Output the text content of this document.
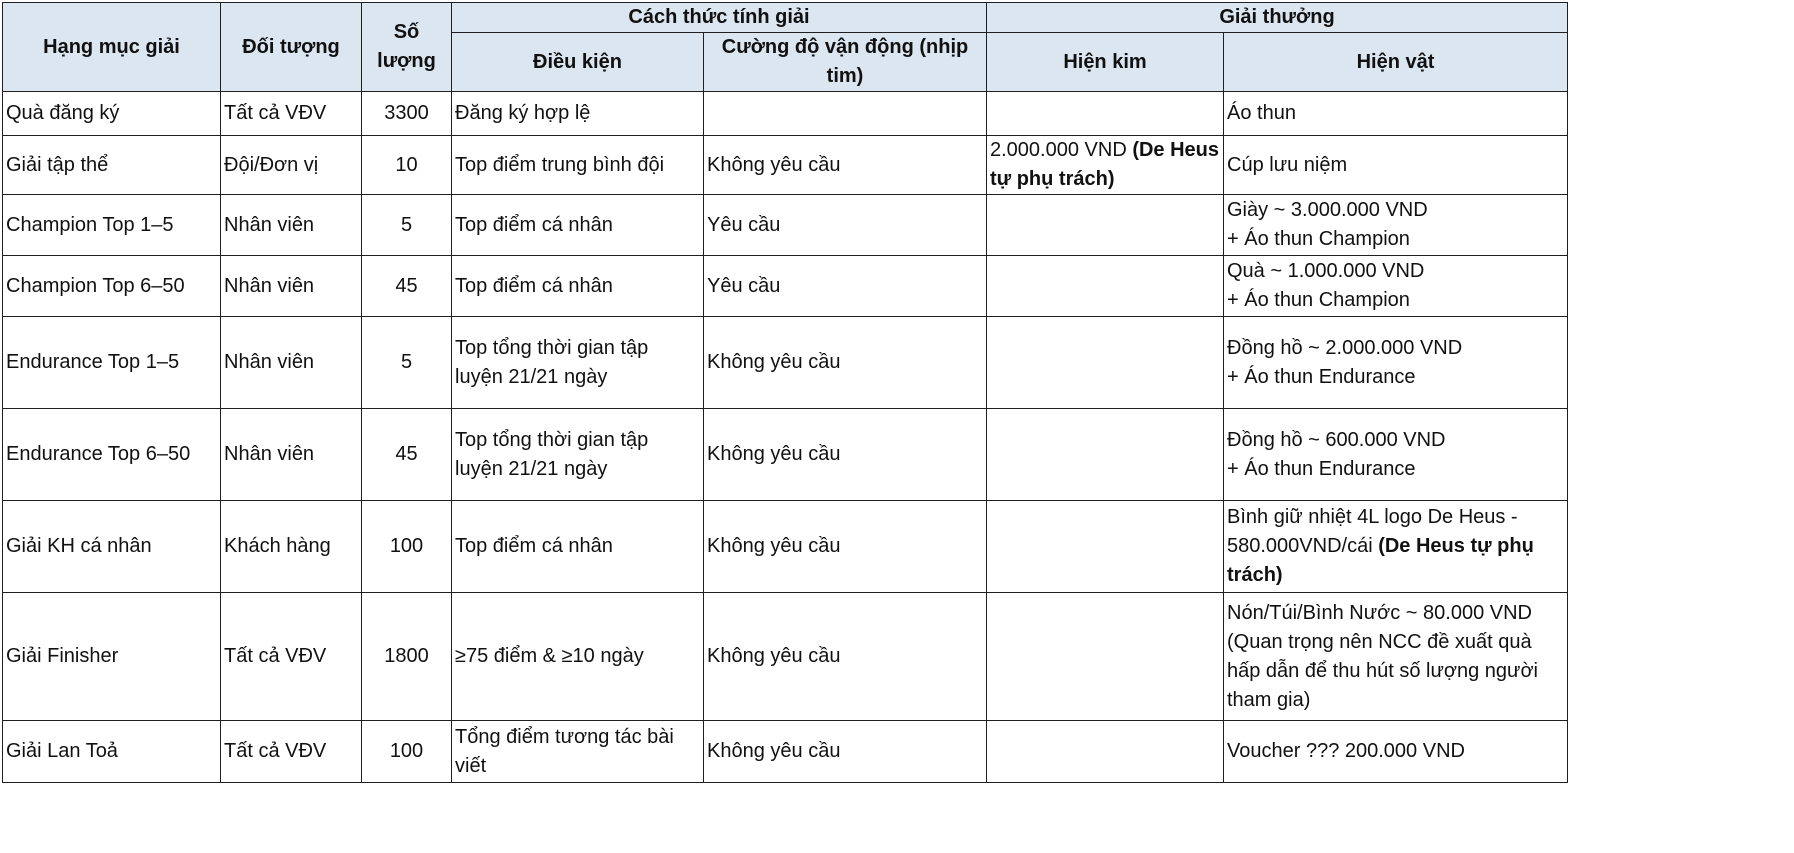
Hạng mục giải	Đối tượng	Số lượng	Cách thức tính giải		Giải thưởng	
			Điều kiện	Cường độ vận động (nhịp tim)	Hiện kim	Hiện vật
Quà đăng ký	Tất cả VĐV	3300	Đăng ký hợp lệ			Áo thun
Giải tập thể	Đội/Đơn vị	10	Top điểm trung bình đội	Không yêu cầu	2.000.000 VND (De Heus tự phụ trách)	Cúp lưu niệm
Champion Top 1–5	Nhân viên	5	Top điểm cá nhân	Yêu cầu		Giày ~ 3.000.000 VND
+ Áo thun Champion
Champion Top 6–50	Nhân viên	45	Top điểm cá nhân	Yêu cầu		Quà ~ 1.000.000 VND
+ Áo thun Champion
Endurance Top 1–5	Nhân viên	5	Top tổng thời gian tập luyện 21/21 ngày	Không yêu cầu		Đồng hồ ~ 2.000.000 VND
+ Áo thun Endurance
Endurance Top 6–50	Nhân viên	45	Top tổng thời gian tập luyện 21/21 ngày	Không yêu cầu		Đồng hồ ~ 600.000 VND
+ Áo thun Endurance
Giải KH cá nhân	Khách hàng	100	Top điểm cá nhân	Không yêu cầu		Bình giữ nhiệt 4L logo De Heus - 580.000VND/cái (De Heus tự phụ trách)
Giải Finisher	Tất cả VĐV	1800	≥75 điểm & ≥10 ngày	Không yêu cầu		Nón/Túi/Bình Nước ~ 80.000 VND
(Quan trọng nên NCC đề xuất quà hấp dẫn để thu hút số lượng người tham gia)
Giải Lan Toả	Tất cả VĐV	100	Tổng điểm tương tác bài viết	Không yêu cầu		Voucher ??? 200.000 VND
